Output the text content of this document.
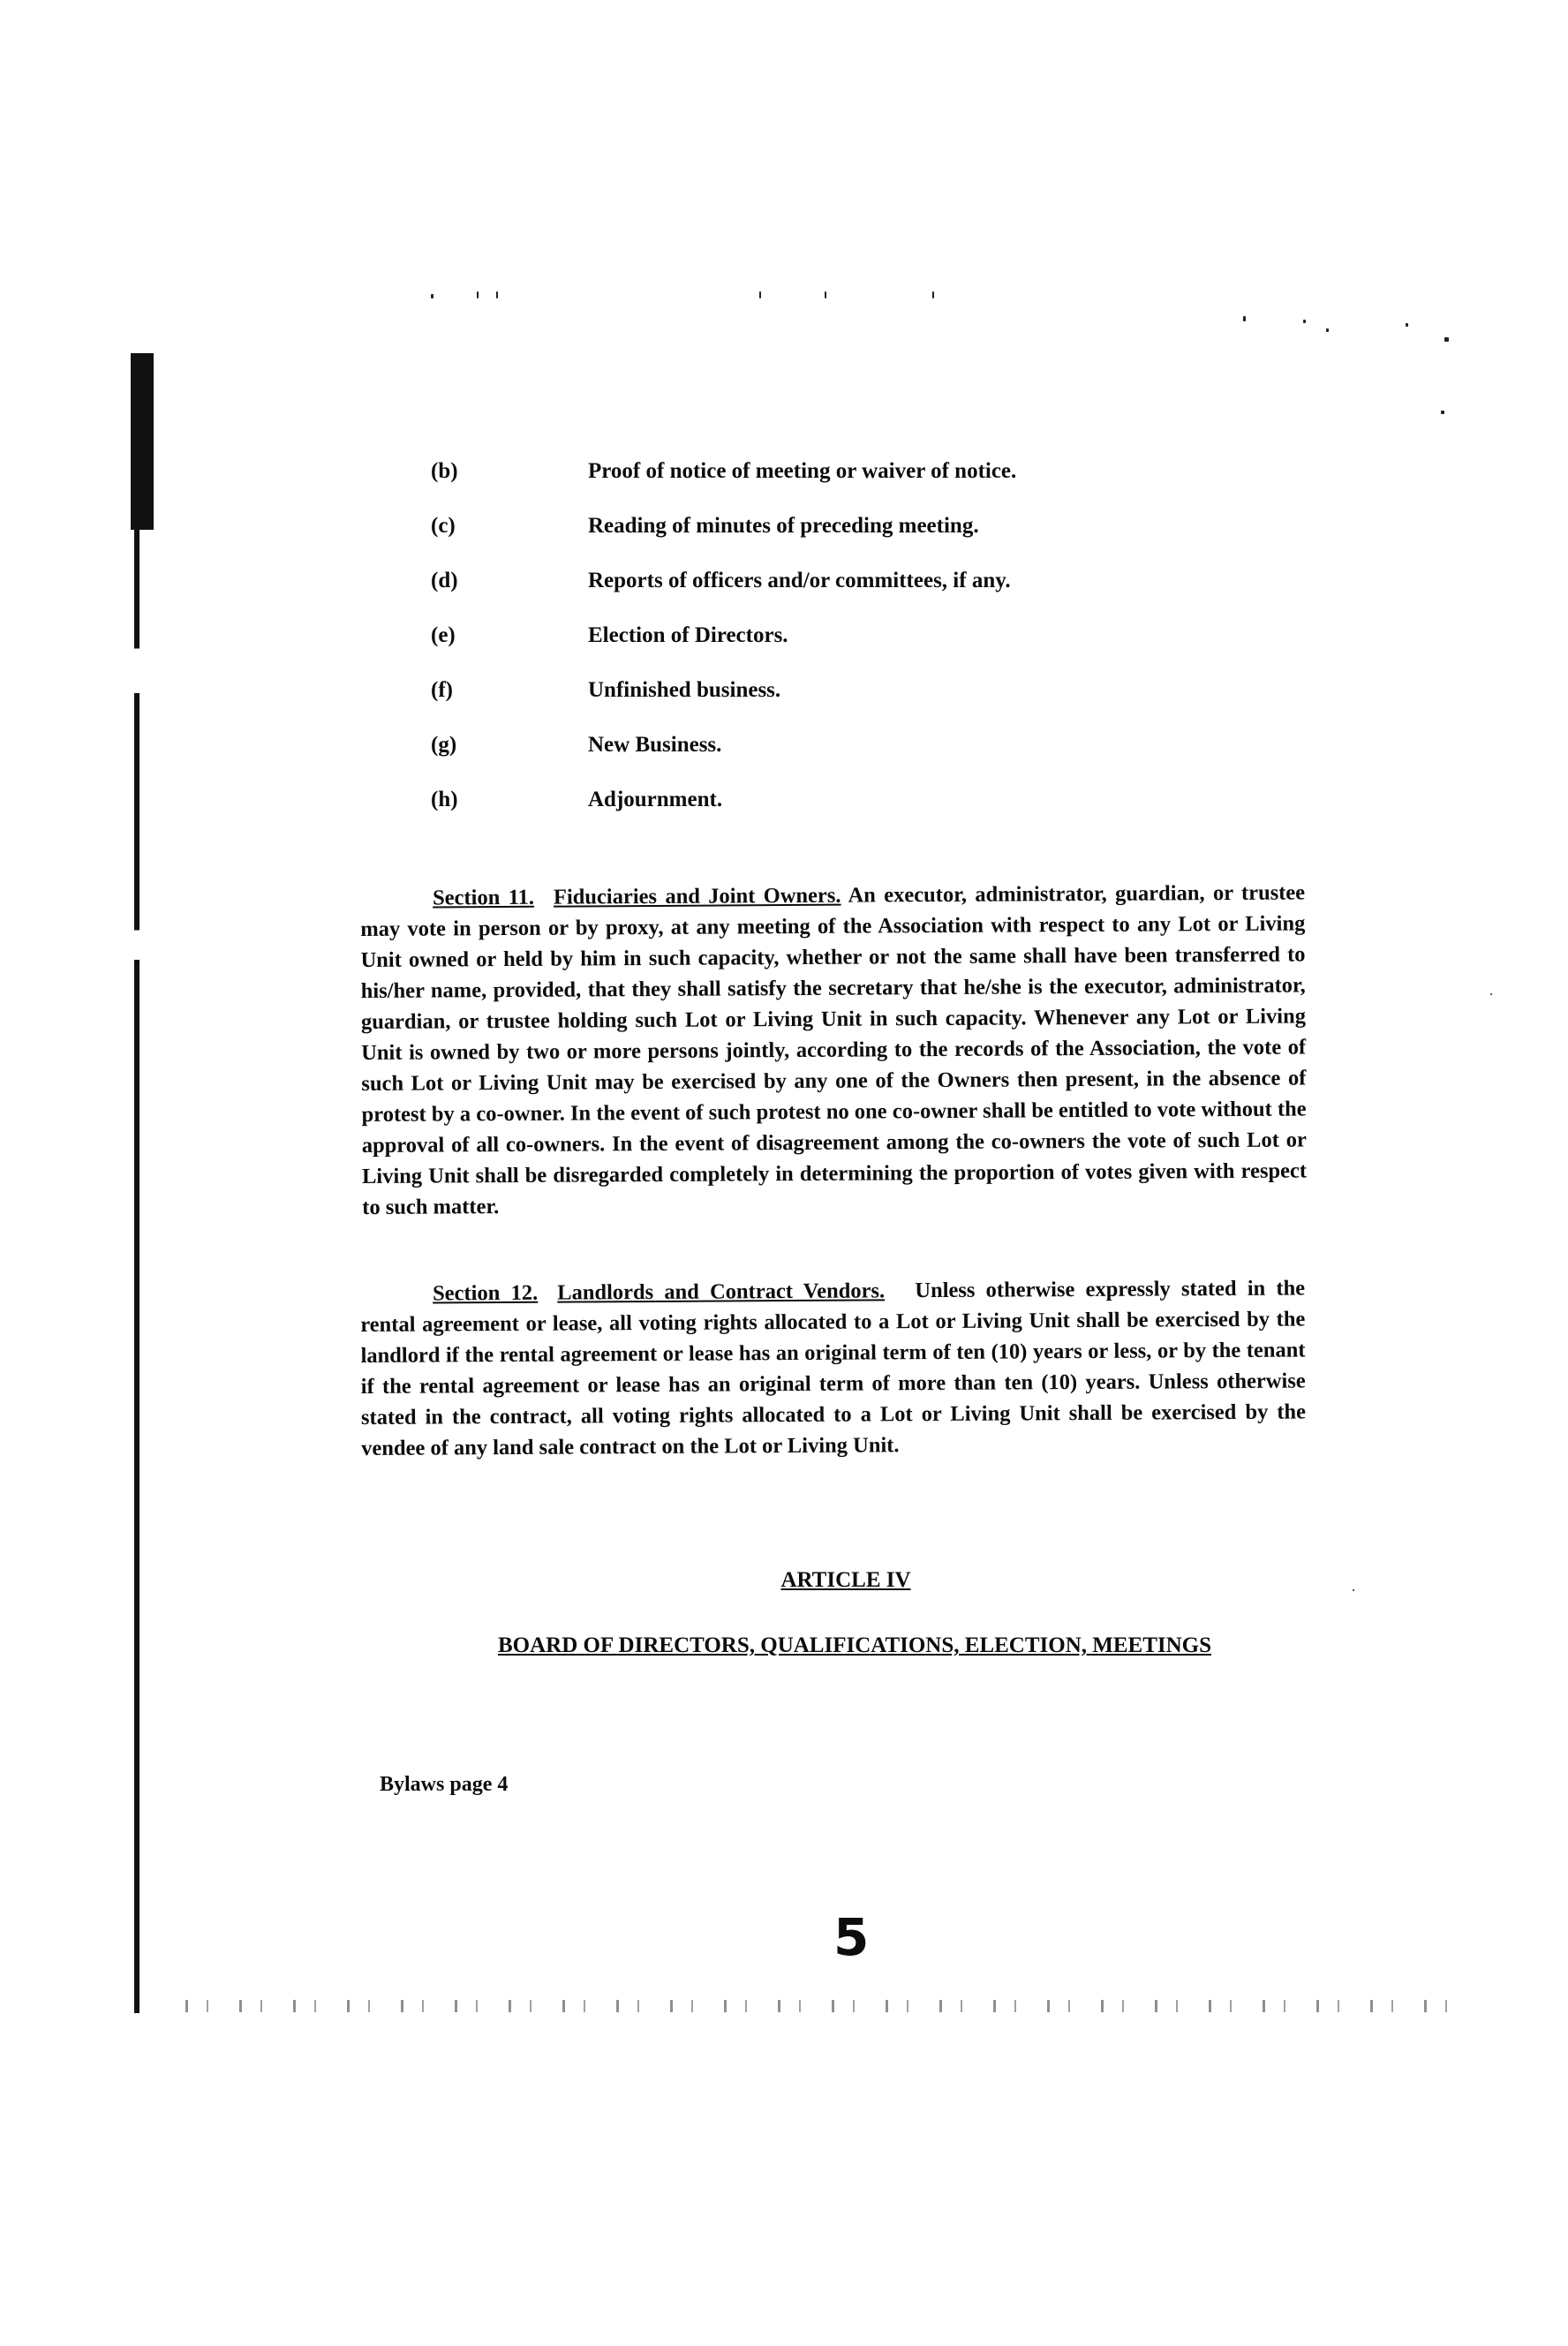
(b)	Proof of notice of meeting or waiver of notice.
(c)	Reading of minutes of preceding meeting.
(d)	Reports of officers and/or committees, if any.
(e)	Election of Directors.
(f)	Unfinished business.
(g)	New Business.
(h)	Adjournment.
Section 11. Fiduciaries and Joint Owners. An executor, administrator, guardian, or trustee may vote in person or by proxy, at any meeting of the Association with respect to any Lot or Living Unit owned or held by him in such capacity, whether or not the same shall have been transferred to his/her name, provided, that they shall satisfy the secretary that he/she is the executor, administrator, guardian, or trustee holding such Lot or Living Unit in such capacity. Whenever any Lot or Living Unit is owned by two or more persons jointly, according to the records of the Association, the vote of such Lot or Living Unit may be exercised by any one of the Owners then present, in the absence of protest by a co-owner. In the event of such protest no one co-owner shall be entitled to vote without the approval of all co-owners. In the event of disagreement among the co-owners the vote of such Lot or Living Unit shall be disregarded completely in determining the proportion of votes given with respect to such matter.
Section 12. Landlords and Contract Vendors. Unless otherwise expressly stated in the rental agreement or lease, all voting rights allocated to a Lot or Living Unit shall be exercised by the landlord if the rental agreement or lease has an original term of ten (10) years or less, or by the tenant if the rental agreement or lease has an original term of more than ten (10) years. Unless otherwise stated in the contract, all voting rights allocated to a Lot or Living Unit shall be exercised by the vendee of any land sale contract on the Lot or Living Unit.
ARTICLE IV
BOARD OF DIRECTORS, QUALIFICATIONS, ELECTION, MEETINGS
Bylaws page 4
5
